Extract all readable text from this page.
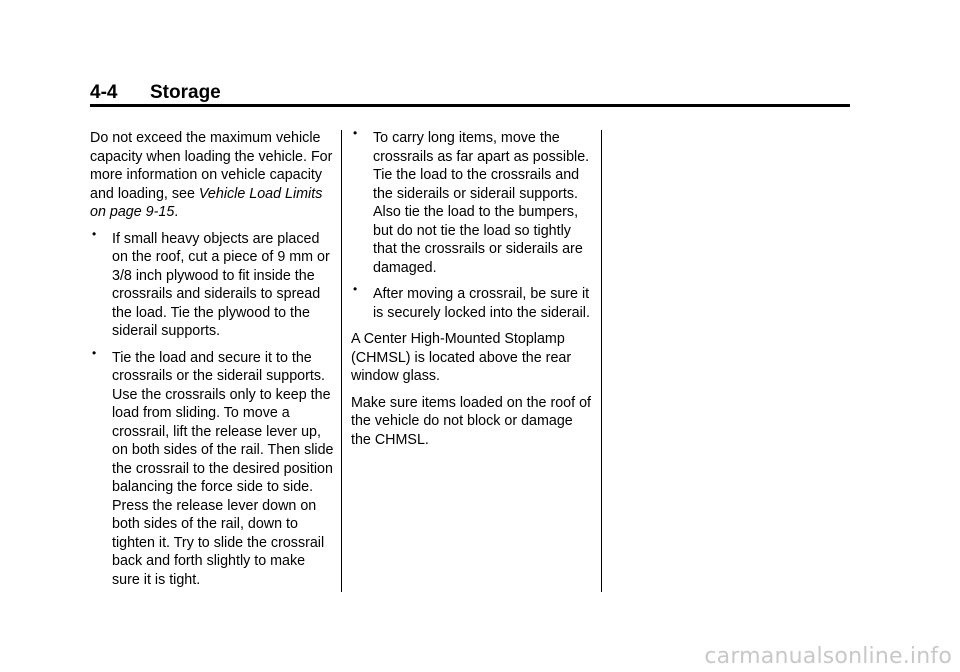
4-4 Storage

Do not exceed the maximum vehicle capacity when loading the vehicle. For more information on vehicle capacity and loading, see Vehicle Load Limits on page 9-15.

• If small heavy objects are placed on the roof, cut a piece of 9 mm or 3/8 inch plywood to fit inside the crossrails and siderails to spread the load. Tie the plywood to the siderail supports.
• Tie the load and secure it to the crossrails or the siderail supports. Use the crossrails only to keep the load from sliding. To move a crossrail, lift the release lever up, on both sides of the rail. Then slide the crossrail to the desired position balancing the force side to side. Press the release lever down on both sides of the rail, down to tighten it. Try to slide the crossrail back and forth slightly to make sure it is tight.
• To carry long items, move the crossrails as far apart as possible. Tie the load to the crossrails and the siderails or siderail supports. Also tie the load to the bumpers, but do not tie the load so tightly that the crossrails or siderails are damaged.
• After moving a crossrail, be sure it is securely locked into the siderail.

A Center High-Mounted Stoplamp (CHMSL) is located above the rear window glass.

Make sure items loaded on the roof of the vehicle do not block or damage the CHMSL.

carmanualsonline.info
